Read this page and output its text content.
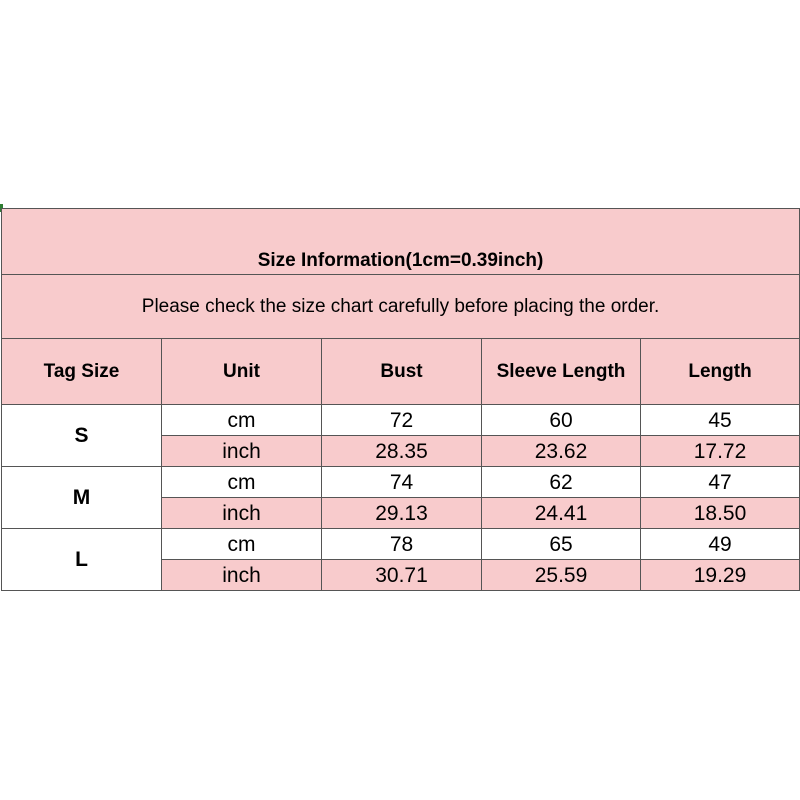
Size Information(1cm=0.39inch)				
Please check the size chart carefully before placing the order.				
Tag Size	Unit	Bust	Sleeve Length	Length
S	cm	72	60	45
	inch	28.35	23.62	17.72
M	cm	74	62	47
	inch	29.13	24.41	18.50
L	cm	78	65	49
	inch	30.71	25.59	19.29
